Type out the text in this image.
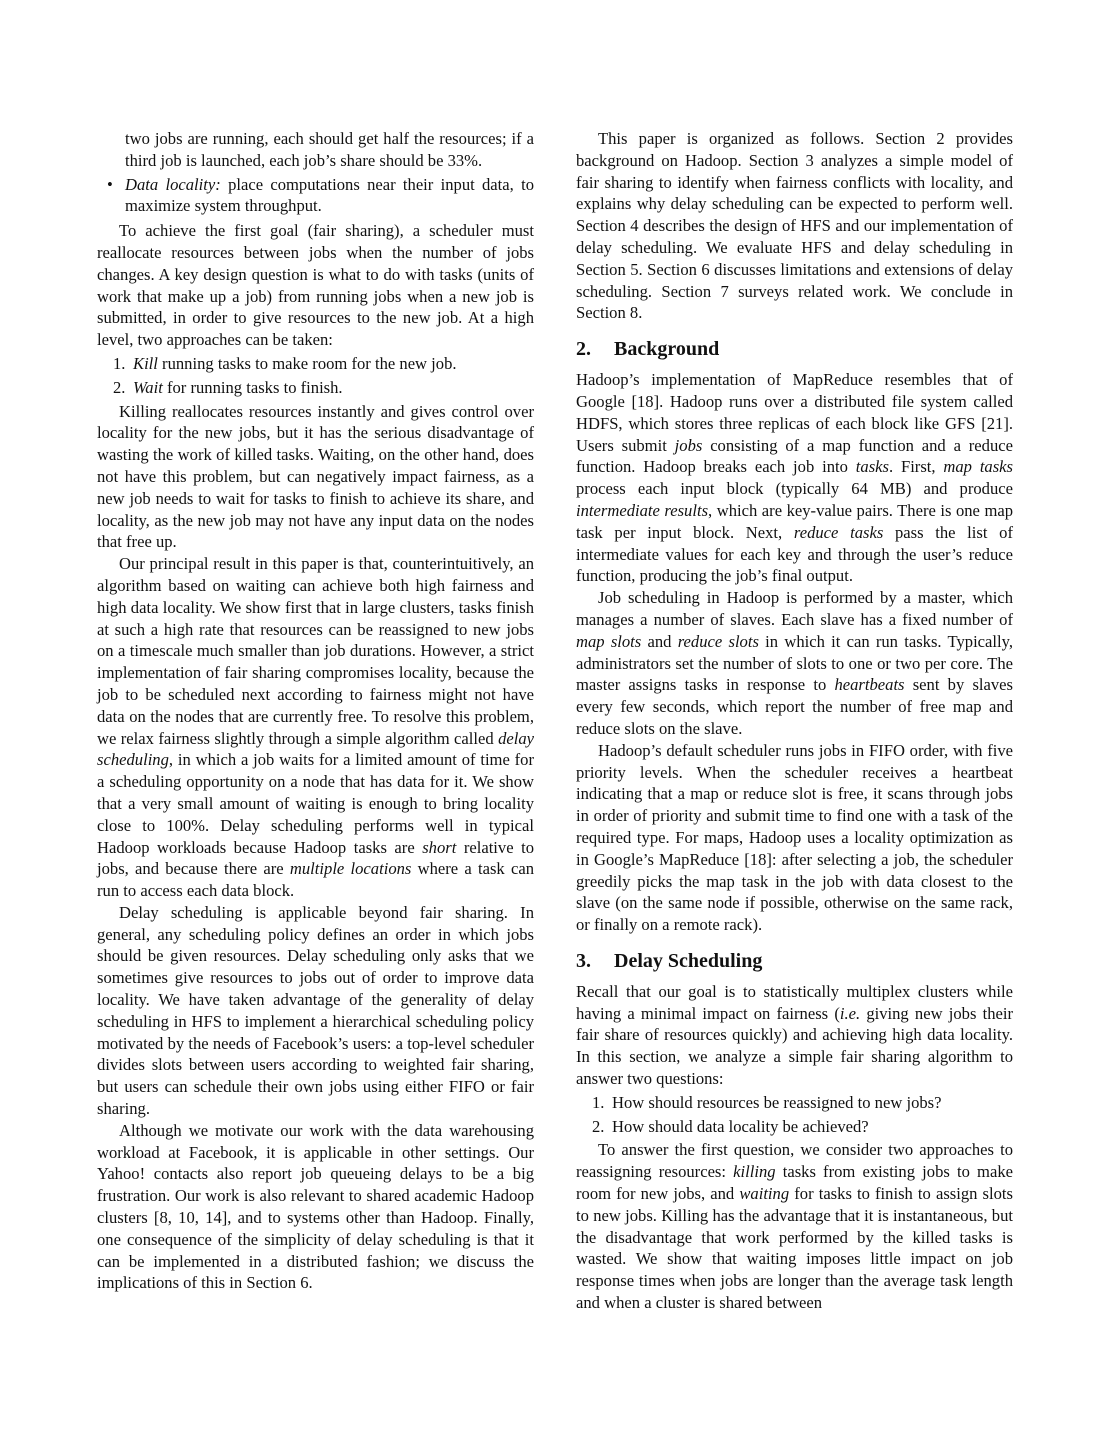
two jobs are running, each should get half the resources; if a third job is launched, each job’s share should be 33%.
• Data locality: place computations near their input data, to maximize system throughput.
To achieve the first goal (fair sharing), a scheduler must reallocate resources between jobs when the number of jobs changes. A key design question is what to do with tasks (units of work that make up a job) from running jobs when a new job is submitted, in order to give resources to the new job. At a high level, two approaches can be taken:
1. Kill running tasks to make room for the new job.
2. Wait for running tasks to finish.
Killing reallocates resources instantly and gives control over locality for the new jobs, but it has the serious disadvantage of wasting the work of killed tasks. Waiting, on the other hand, does not have this problem, but can negatively impact fairness, as a new job needs to wait for tasks to finish to achieve its share, and locality, as the new job may not have any input data on the nodes that free up.
Our principal result in this paper is that, counterintuitively, an algorithm based on waiting can achieve both high fairness and high data locality. We show first that in large clusters, tasks finish at such a high rate that resources can be reassigned to new jobs on a timescale much smaller than job durations. However, a strict implementation of fair sharing compromises locality, because the job to be scheduled next according to fairness might not have data on the nodes that are currently free. To resolve this problem, we relax fairness slightly through a simple algorithm called delay scheduling, in which a job waits for a limited amount of time for a scheduling opportunity on a node that has data for it. We show that a very small amount of waiting is enough to bring locality close to 100%. Delay scheduling performs well in typical Hadoop workloads because Hadoop tasks are short relative to jobs, and because there are multiple locations where a task can run to access each data block.
Delay scheduling is applicable beyond fair sharing. In general, any scheduling policy defines an order in which jobs should be given resources. Delay scheduling only asks that we sometimes give resources to jobs out of order to improve data locality. We have taken advantage of the generality of delay scheduling in HFS to implement a hierarchical scheduling policy motivated by the needs of Facebook’s users: a top-level scheduler divides slots between users according to weighted fair sharing, but users can schedule their own jobs using either FIFO or fair sharing.
Although we motivate our work with the data warehousing workload at Facebook, it is applicable in other settings. Our Yahoo! contacts also report job queueing delays to be a big frustration. Our work is also relevant to shared academic Hadoop clusters [8, 10, 14], and to systems other than Hadoop. Finally, one consequence of the simplicity of delay scheduling is that it can be implemented in a distributed fashion; we discuss the implications of this in Section 6.
This paper is organized as follows. Section 2 provides background on Hadoop. Section 3 analyzes a simple model of fair sharing to identify when fairness conflicts with locality, and explains why delay scheduling can be expected to perform well. Section 4 describes the design of HFS and our implementation of delay scheduling. We evaluate HFS and delay scheduling in Section 5. Section 6 discusses limitations and extensions of delay scheduling. Section 7 surveys related work. We conclude in Section 8.
2. Background
Hadoop’s implementation of MapReduce resembles that of Google [18]. Hadoop runs over a distributed file system called HDFS, which stores three replicas of each block like GFS [21]. Users submit jobs consisting of a map function and a reduce function. Hadoop breaks each job into tasks. First, map tasks process each input block (typically 64 MB) and produce intermediate results, which are key-value pairs. There is one map task per input block. Next, reduce tasks pass the list of intermediate values for each key and through the user’s reduce function, producing the job’s final output.
Job scheduling in Hadoop is performed by a master, which manages a number of slaves. Each slave has a fixed number of map slots and reduce slots in which it can run tasks. Typically, administrators set the number of slots to one or two per core. The master assigns tasks in response to heartbeats sent by slaves every few seconds, which report the number of free map and reduce slots on the slave.
Hadoop’s default scheduler runs jobs in FIFO order, with five priority levels. When the scheduler receives a heartbeat indicating that a map or reduce slot is free, it scans through jobs in order of priority and submit time to find one with a task of the required type. For maps, Hadoop uses a locality optimization as in Google’s MapReduce [18]: after selecting a job, the scheduler greedily picks the map task in the job with data closest to the slave (on the same node if possible, otherwise on the same rack, or finally on a remote rack).
3. Delay Scheduling
Recall that our goal is to statistically multiplex clusters while having a minimal impact on fairness (i.e. giving new jobs their fair share of resources quickly) and achieving high data locality. In this section, we analyze a simple fair sharing algorithm to answer two questions:
1. How should resources be reassigned to new jobs?
2. How should data locality be achieved?
To answer the first question, we consider two approaches to reassigning resources: killing tasks from existing jobs to make room for new jobs, and waiting for tasks to finish to assign slots to new jobs. Killing has the advantage that it is instantaneous, but the disadvantage that work performed by the killed tasks is wasted. We show that waiting imposes little impact on job response times when jobs are longer than the average task length and when a cluster is shared between
